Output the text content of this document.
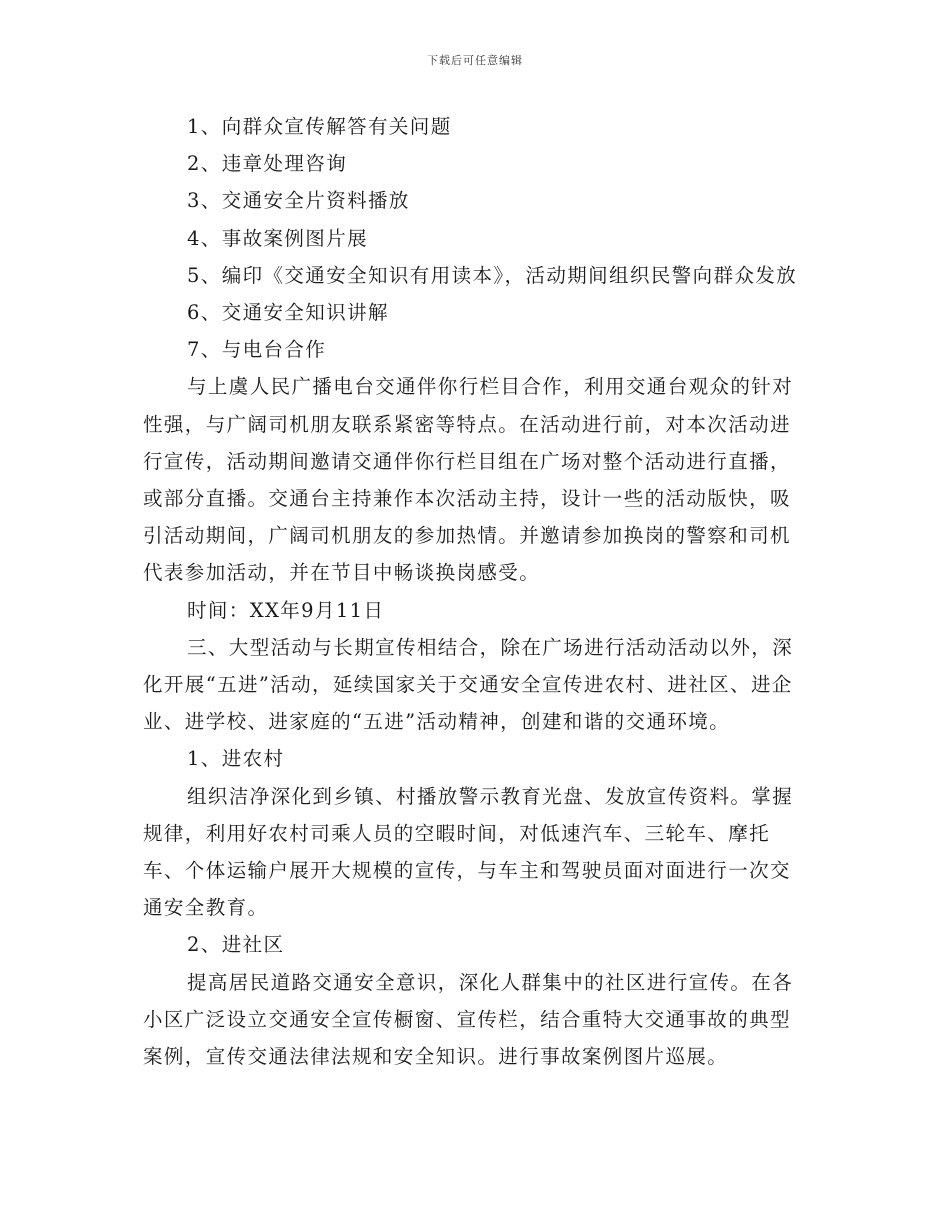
下载后可任意编辑

1、向群众宣传解答有关问题

2、违章处理咨询

3、交通安全片资料播放

4、事故案例图片展

5、编印《交通安全知识有用读本》，活动期间组织民警向群众发放

6、交通安全知识讲解

7、与电台合作

与上虞人民广播电台交通伴你行栏目合作，利用交通台观众的针对性强，与广阔司机朋友联系紧密等特点。在活动进行前，对本次活动进行宣传，活动期间邀请交通伴你行栏目组在广场对整个活动进行直播，或部分直播。交通台主持兼作本次活动主持，设计一些的活动版快，吸引活动期间，广阔司机朋友的参加热情。并邀请参加换岗的警察和司机代表参加活动，并在节目中畅谈换岗感受。

时间：XX年9月11日

三、大型活动与长期宣传相结合，除在广场进行活动活动以外，深化开展“五进”活动，延续国家关于交通安全宣传进农村、进社区、进企业、进学校、进家庭的“五进”活动精神，创建和谐的交通环境。

1、进农村

组织洁净深化到乡镇、村播放警示教育光盘、发放宣传资料。掌握规律，利用好农村司乘人员的空暇时间，对低速汽车、三轮车、摩托车、个体运输户展开大规模的宣传，与车主和驾驶员面对面进行一次交通安全教育。

2、进社区

提高居民道路交通安全意识，深化人群集中的社区进行宣传。在各小区广泛设立交通安全宣传橱窗、宣传栏，结合重特大交通事故的典型案例，宣传交通法律法规和安全知识。进行事故案例图片巡展。
